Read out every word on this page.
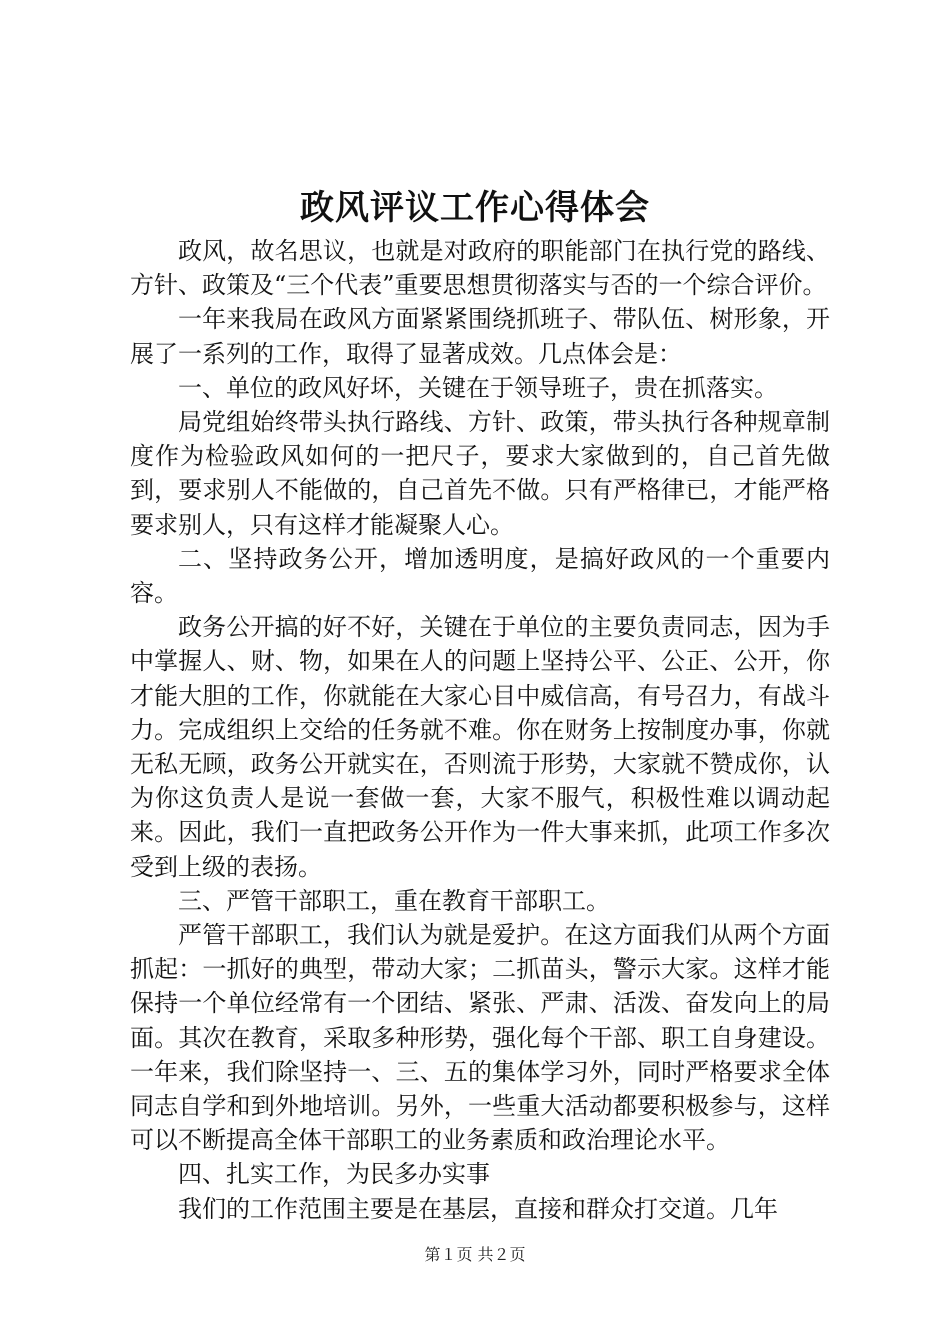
政风评议工作心得体会

政风，故名思议，也就是对政府的职能部门在执行党的路线、方针、政策及“三个代表”重要思想贯彻落实与否的一个综合评价。

一年来我局在政风方面紧紧围绕抓班子、带队伍、树形象，开展了一系列的工作，取得了显著成效。几点体会是：

一、单位的政风好坏，关键在于领导班子，贵在抓落实。

局党组始终带头执行路线、方针、政策，带头执行各种规章制度作为检验政风如何的一把尺子，要求大家做到的，自己首先做到，要求别人不能做的，自己首先不做。只有严格律已，才能严格要求别人，只有这样才能凝聚人心。

二、坚持政务公开，增加透明度，是搞好政风的一个重要内容。

政务公开搞的好不好，关键在于单位的主要负责同志，因为手中掌握人、财、物，如果在人的问题上坚持公平、公正、公开，你才能大胆的工作，你就能在大家心目中威信高，有号召力，有战斗力。完成组织上交给的任务就不难。你在财务上按制度办事，你就无私无顾，政务公开就实在，否则流于形势，大家就不赞成你，认为你这负责人是说一套做一套，大家不服气，积极性难以调动起来。因此，我们一直把政务公开作为一件大事来抓，此项工作多次受到上级的表扬。

三、严管干部职工，重在教育干部职工。

严管干部职工，我们认为就是爱护。在这方面我们从两个方面抓起：一抓好的典型，带动大家；二抓苗头，警示大家。这样才能保持一个单位经常有一个团结、紧张、严肃、活泼、奋发向上的局面。其次在教育，采取多种形势，强化每个干部、职工自身建设。一年来，我们除坚持一、三、五的集体学习外，同时严格要求全体同志自学和到外地培训。另外，一些重大活动都要积极参与，这样可以不断提高全体干部职工的业务素质和政治理论水平。

四、扎实工作，为民多办实事

我们的工作范围主要是在基层，直接和群众打交道。几年

第１页 共２页
